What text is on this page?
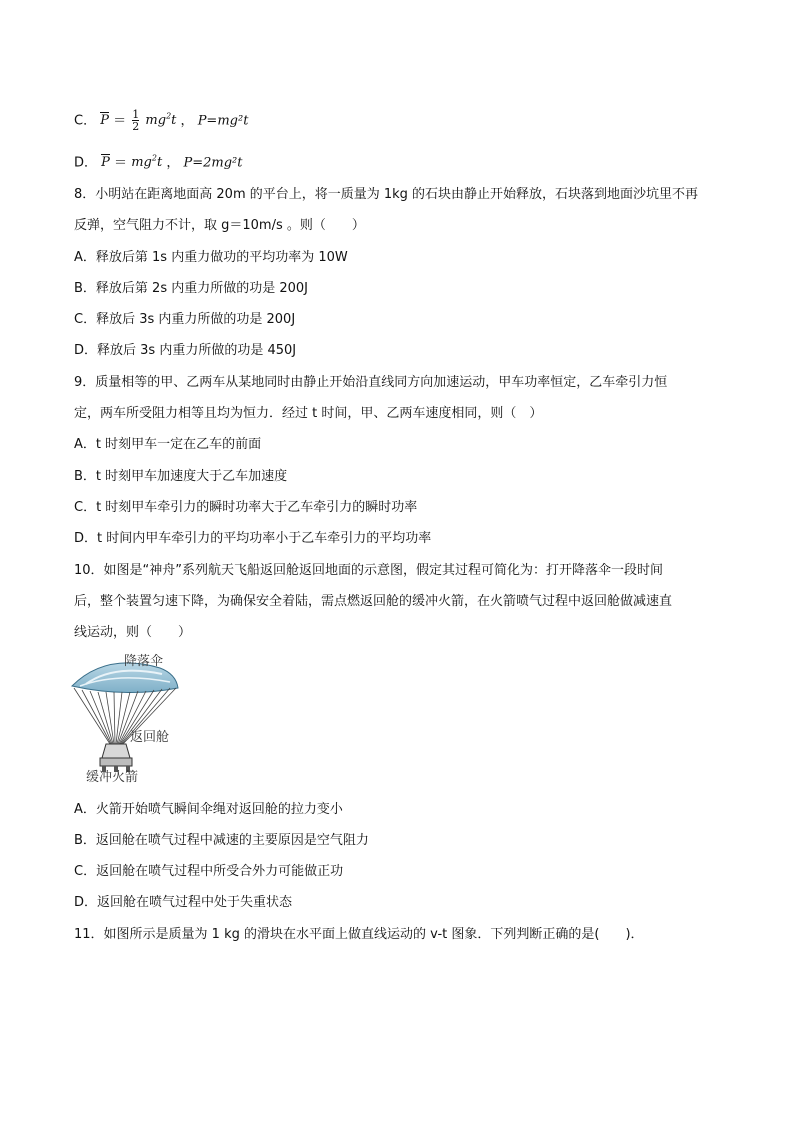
C． $P = \frac{1}{2} mg^2t$ ， P=mg²t
D． $P = mg^2t$ ， P=2mg²t
8．小明站在距离地面高 20m 的平台上，将一质量为 1kg 的石块由静止开始释放，石块落到地面沙坑里不再
反弹，空气阻力不计，取 g＝10m/s 。则（　　）
A．释放后第 1s 内重力做功的平均功率为 10W
B．释放后第 2s 内重力所做的功是 200J
C．释放后 3s 内重力所做的功是 200J
D．释放后 3s 内重力所做的功是 450J
9．质量相等的甲、乙两车从某地同时由静止开始沿直线同方向加速运动，甲车功率恒定，乙车牵引力恒
定，两车所受阻力相等且均为恒力．经过 t 时间，甲、乙两车速度相同，则（　）
A．t 时刻甲车一定在乙车的前面
B．t 时刻甲车加速度大于乙车加速度
C．t 时刻甲车牵引力的瞬时功率大于乙车牵引力的瞬时功率
D．t 时间内甲车牵引力的平均功率小于乙车牵引力的平均功率
10．如图是“神舟”系列航天飞船返回舱返回地面的示意图，假定其过程可简化为：打开降落伞一段时间
后，整个装置匀速下降，为确保安全着陆，需点燃返回舱的缓冲火箭，在火箭喷气过程中返回舱做减速直
线运动，则（　　）
降落伞
返回舱
缓冲火箭
A．火箭开始喷气瞬间伞绳对返回舱的拉力变小
B．返回舱在喷气过程中减速的主要原因是空气阻力
C．返回舱在喷气过程中所受合外力可能做正功
D．返回舱在喷气过程中处于失重状态
11．如图所示是质量为 1 kg 的滑块在水平面上做直线运动的 v-t 图象．下列判断正确的是(　　)．
